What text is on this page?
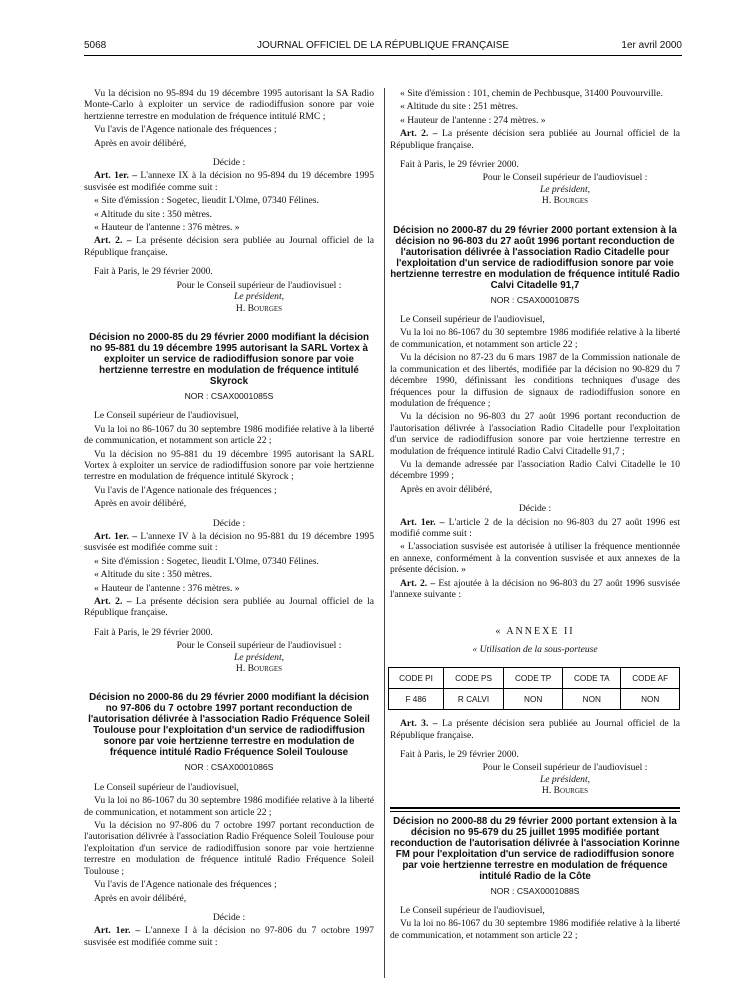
5068	JOURNAL OFFICIEL DE LA RÉPUBLIQUE FRANÇAISE	1er avril 2000

Vu la décision no 95-894 du 19 décembre 1995 autorisant la SA Radio Monte-Carlo à exploiter un service de radiodiffusion sonore par voie hertzienne terrestre en modulation de fréquence intitulé RMC ;

Vu l'avis de l'Agence nationale des fréquences ;

Après en avoir délibéré,

Décide :

Art. 1er. – L'annexe IX à la décision no 95-894 du 19 décembre 1995 susvisée est modifiée comme suit :

« Site d'émission : Sogetec, lieudit L'Olme, 07340 Félines.

« Altitude du site : 350 mètres.

« Hauteur de l'antenne : 376 mètres. »

Art. 2. – La présente décision sera publiée au Journal officiel de la République française.

Fait à Paris, le 29 février 2000.

Pour le Conseil supérieur de l'audiovisuel :

Le président,

H. Bourges

Décision no 2000-85 du 29 février 2000 modifiant la décision no 95-881 du 19 décembre 1995 autorisant la SARL Vortex à exploiter un service de radiodiffusion sonore par voie hertzienne terrestre en modulation de fréquence intitulé Skyrock

NOR : CSAX0001085S

Le Conseil supérieur de l'audiovisuel,

Vu la loi no 86-1067 du 30 septembre 1986 modifiée relative à la liberté de communication, et notamment son article 22 ;

Vu la décision no 95-881 du 19 décembre 1995 autorisant la SARL Vortex à exploiter un service de radiodiffusion sonore par voie hertzienne terrestre en modulation de fréquence intitulé Skyrock ;

Vu l'avis de l'Agence nationale des fréquences ;

Après en avoir délibéré,

Décide :

Art. 1er. – L'annexe IV à la décision no 95-881 du 19 décembre 1995 susvisée est modifiée comme suit :

« Site d'émission : Sogetec, lieudit L'Olme, 07340 Félines.

« Altitude du site : 350 mètres.

« Hauteur de l'antenne : 376 mètres. »

Art. 2. – La présente décision sera publiée au Journal officiel de la République française.

Fait à Paris, le 29 février 2000.

Pour le Conseil supérieur de l'audiovisuel :

Le président,

H. Bourges

Décision no 2000-86 du 29 février 2000 modifiant la décision no 97-806 du 7 octobre 1997 portant reconduction de l'autorisation délivrée à l'association Radio Fréquence Soleil Toulouse pour l'exploitation d'un service de radiodiffusion sonore par voie hertzienne terrestre en modulation de fréquence intitulé Radio Fréquence Soleil Toulouse

NOR : CSAX0001086S

Le Conseil supérieur de l'audiovisuel,

Vu la loi no 86-1067 du 30 septembre 1986 modifiée relative à la liberté de communication, et notamment son article 22 ;

Vu la décision no 97-806 du 7 octobre 1997 portant reconduction de l'autorisation délivrée à l'association Radio Fréquence Soleil Toulouse pour l'exploitation d'un service de radiodiffusion sonore par voie hertzienne terrestre en modulation de fréquence intitulé Radio Fréquence Soleil Toulouse ;

Vu l'avis de l'Agence nationale des fréquences ;

Après en avoir délibéré,

Décide :

Art. 1er. – L'annexe I à la décision no 97-806 du 7 octobre 1997 susvisée est modifiée comme suit :

« Site d'émission : 101, chemin de Pechbusque, 31400 Pouvourville.

« Altitude du site : 251 mètres.

« Hauteur de l'antenne : 274 mètres. »

Art. 2. – La présente décision sera publiée au Journal officiel de la République française.

Fait à Paris, le 29 février 2000.

Pour le Conseil supérieur de l'audiovisuel :

Le président,

H. Bourges

Décision no 2000-87 du 29 février 2000 portant extension à la décision no 96-803 du 27 août 1996 portant reconduction de l'autorisation délivrée à l'association Radio Citadelle pour l'exploitation d'un service de radiodiffusion sonore par voie hertzienne terrestre en modulation de fréquence intitulé Radio Calvi Citadelle 91,7

NOR : CSAX0001087S

Le Conseil supérieur de l'audiovisuel,

Vu la loi no 86-1067 du 30 septembre 1986 modifiée relative à la liberté de communication, et notamment son article 22 ;

Vu la décision no 87-23 du 6 mars 1987 de la Commission nationale de la communication et des libertés, modifiée par la décision no 90-829 du 7 décembre 1990, définissant les conditions techniques d'usage des fréquences pour la diffusion de signaux de radiodiffusion sonore en modulation de fréquence ;

Vu la décision no 96-803 du 27 août 1996 portant reconduction de l'autorisation délivrée à l'association Radio Citadelle pour l'exploitation d'un service de radiodiffusion sonore par voie hertzienne terrestre en modulation de fréquence intitulé Radio Calvi Citadelle 91,7 ;

Vu la demande adressée par l'association Radio Calvi Citadelle le 10 décembre 1999 ;

Après en avoir délibéré,

Décide :

Art. 1er. – L'article 2 de la décision no 96-803 du 27 août 1996 est modifié comme suit :

« L'association susvisée est autorisée à utiliser la fréquence mentionnée en annexe, conformément à la convention susvisée et aux annexes de la présente décision. »

Art. 2. – Est ajoutée à la décision no 96-803 du 27 août 1996 susvisée l'annexe suivante :

« ANNEXE II

« Utilisation de la sous-porteuse

CODE PI	CODE PS	CODE TP	CODE TA	CODE AF
F 486	R CALVI	NON	NON	NON

Art. 3. – La présente décision sera publiée au Journal officiel de la République française.

Fait à Paris, le 29 février 2000.

Pour le Conseil supérieur de l'audiovisuel :

Le président,

H. Bourges

Décision no 2000-88 du 29 février 2000 portant extension à la décision no 95-679 du 25 juillet 1995 modifiée portant reconduction de l'autorisation délivrée à l'association Korinne FM pour l'exploitation d'un service de radiodiffusion sonore par voie hertzienne terrestre en modulation de fréquence intitulé Radio de la Côte

NOR : CSAX0001088S

Le Conseil supérieur de l'audiovisuel,

Vu la loi no 86-1067 du 30 septembre 1986 modifiée relative à la liberté de communication, et notamment son article 22 ;
